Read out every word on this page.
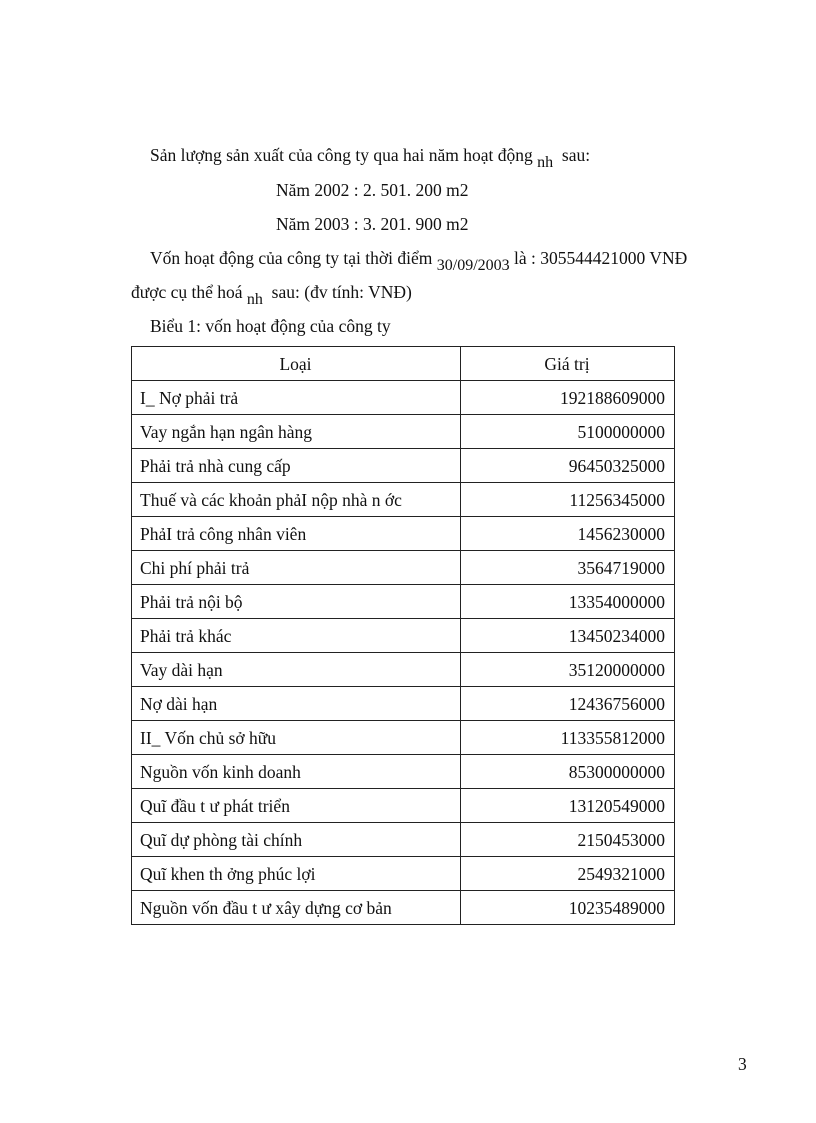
Sản lượng sản xuất của công ty qua hai năm hoạt động nh sau:
Năm 2002 : 2. 501. 200 m2
Năm 2003 : 3. 201. 900 m2
Vốn hoạt động của công ty tại thời điểm 30/09/2003 là : 305544421000 VNĐ
được cụ thể hoá nh sau: (đv tính: VNĐ)
Biểu 1: vốn hoạt động của công ty
Loại	Giá trị
I_ Nợ phải trả	192188609000
Vay ngắn hạn ngân hàng	5100000000
Phải trả nhà cung cấp	96450325000
Thuế và các khoản phảI nộp nhà n ớc	11256345000
PhảI trả công nhân viên	1456230000
Chi phí phải trả	3564719000
Phải trả nội bộ	13354000000
Phải trả khác	13450234000
Vay dài hạn	35120000000
Nợ dài hạn	12436756000
II_ Vốn chủ sở hữu	113355812000
Nguồn vốn kinh doanh	85300000000
Quĩ đầu t ư phát triển	13120549000
Quĩ dự phòng tài chính	2150453000
Quĩ khen th ởng phúc lợi	2549321000
Nguồn vốn đầu t ư xây dựng cơ bản	10235489000
3
